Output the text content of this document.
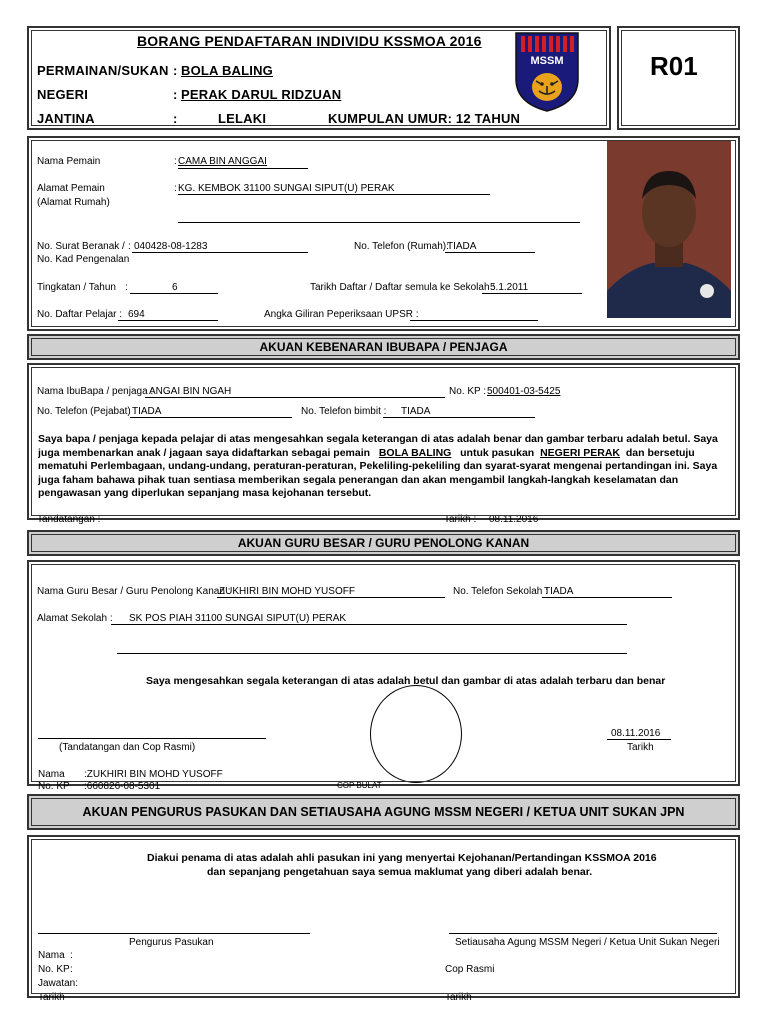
BORANG PENDAFTARAN INDIVIDU KSSMOA 2016
PERMAINAN/SUKAN : BOLA BALING
NEGERI	: PERAK DARUL RIDZUAN
JANTINA	:	LELAKI	KUMPULAN UMUR: 12 TAHUN
MSSM	R01
Nama Pemain	: CAMA BIN ANGGAI
Alamat Pemain
(Alamat Rumah)
: KG. KEMBOK 31100 SUNGAI SIPUT(U) PERAK
No. Surat Beranak /
No. Kad Pengenalan
: 040428-08-1283	No. Telefon (Rumah):
TIADA
Tingkatan / Tahun :	6	Tarikh Daftar / Daftar semula ke Sekolah :
5.1.2011
No. Daftar Pelajar : 694	Angka Giliran Peperiksaan UPSR :
AKUAN KEBENARAN IBUBAPA / PENJAGA
Nama IbuBapa / penjaga :
ANGAI BIN NGAH	No. KP : 500401-03-5425
No. Telefon (Pejabat) :
TIADA	No. Telefon bimbit : TIADA
Saya bapa / penjaga kepada pelajar di atas mengesahkan segala keterangan di atas adalah benar dan gambar terbaru adalah betul. Saya juga membenarkan anak / jagaan saya didaftarkan sebagai pemain BOLA BALING untuk pasukan NEGERI PERAK dan bersetuju mematuhi Perlembagaan, undang-undang, peraturan-peraturan, Pekeliling-pekeliling dan syarat-syarat mengenai pertandingan ini. Saya juga faham bahawa pihak tuan sentiasa memberikan segala penerangan dan akan mengambil langkah-langkah keselamatan dan pengawasan yang diperlukan sepanjang masa kejohanan tersebut.
Tandatangan :	Tarikh : 08.11.2016
AKUAN GURU BESAR / GURU PENOLONG KANAN
Nama Guru Besar / Guru Penolong Kanan :
ZUKHIRI BIN MOHD YUSOFF	No. Telefon Sekolah :
TIADA
Alamat Sekolah : SK POS PIAH 31100 SUNGAI SIPUT(U) PERAK
Saya mengesahkan segala keterangan di atas adalah betul dan gambar di atas adalah terbaru dan benar
(Tandatangan dan Cop Rasmi)
08.11.2016
Tarikh
Nama :ZUKHIRI BIN MOHD YUSOFF
No. KP :660826-08-5301	COP BULAT
AKUAN PENGURUS PASUKAN DAN SETIAUSAHA AGUNG MSSM NEGERI / KETUA UNIT SUKAN JPN
Diakui penama di atas adalah ahli pasukan ini yang menyertai Kejohanan/Pertandingan KSSMOA 2016
dan sepanjang pengetahuan saya semua maklumat yang diberi adalah benar.
Pengurus Pasukan	Setiausaha Agung MSSM Negeri / Ketua Unit Sukan Negeri
Nama :
No. KP :
Jawatan:
Tarikh
Cop Rasmi
Tarikh
